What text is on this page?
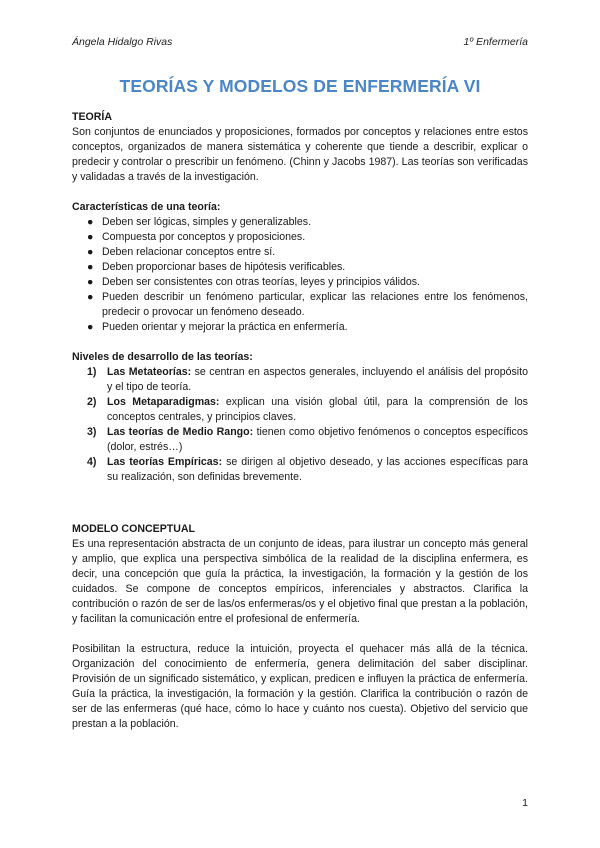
Ángela Hidalgo Rivas	1º Enfermería
TEORÍAS Y MODELOS DE ENFERMERÍA VI

TEORÍA

Son conjuntos de enunciados y proposiciones, formados por conceptos y relaciones entre estos conceptos, organizados de manera sistemática y coherente que tiende a describir, explicar o predecir y controlar o prescribir un fenómeno. (Chinn y Jacobs 1987). Las teorías son verificadas y validadas a través de la investigación.

Características de una teoría:

● Deben ser lógicas, simples y generalizables.
● Compuesta por conceptos y proposiciones.
● Deben relacionar conceptos entre sí.
● Deben proporcionar bases de hipótesis verificables.
● Deben ser consistentes con otras teorías, leyes y principios válidos.
● Pueden describir un fenómeno particular, explicar las relaciones entre los fenómenos, predecir o provocar un fenómeno deseado.
● Pueden orientar y mejorar la práctica en enfermería.

Niveles de desarrollo de las teorías:

1) Las Metateorías: se centran en aspectos generales, incluyendo el análisis del propósito y el tipo de teoría.
2) Los Metaparadigmas: explican una visión global útil, para la comprensión de los conceptos centrales, y principios claves.
3) Las teorías de Medio Rango: tienen como objetivo fenómenos o conceptos específicos (dolor, estrés…)
4) Las teorías Empíricas: se dirigen al objetivo deseado, y las acciones específicas para su realización, son definidas brevemente.

MODELO CONCEPTUAL

Es una representación abstracta de un conjunto de ideas, para ilustrar un concepto más general y amplio, que explica una perspectiva simbólica de la realidad de la disciplina enfermera, es decir, una concepción que guía la práctica, la investigación, la formación y la gestión de los cuidados. Se compone de conceptos empíricos, inferenciales y abstractos. Clarifica la contribución o razón de ser de las/os enfermeras/os y el objetivo final que prestan a la población, y facilitan la comunicación entre el profesional de enfermería.

Posibilitan la estructura, reduce la intuición, proyecta el quehacer más allá de la técnica. Organización del conocimiento de enfermería, genera delimitación del saber disciplinar. Provisión de un significado sistemático, y explican, predicen e influyen la práctica de enfermería. Guía la práctica, la investigación, la formación y la gestión. Clarifica la contribución o razón de ser de las enfermeras (qué hace, cómo lo hace y cuánto nos cuesta). Objetivo del servicio que prestan a la población.

1
